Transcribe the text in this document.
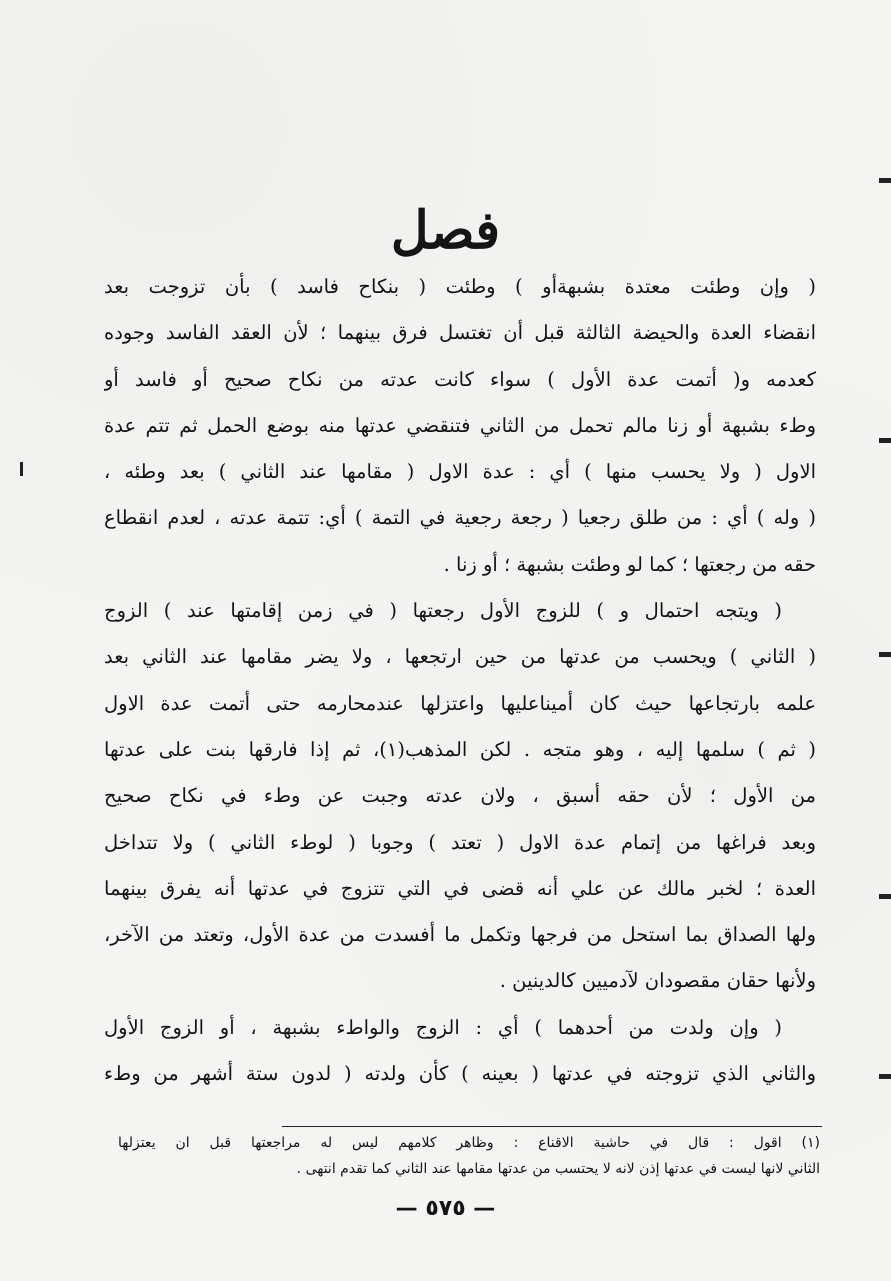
فصل
( وإن وطئت معتدة بشبهةأو ) وطئت ( بنكاح فاسد ) بأن تزوجت بعد
انقضاء العدة والحيضة الثالثة قبل أن تغتسل فرق بينهما ؛ لأن العقد الفاسد وجوده
كعدمه و( أتمت عدة الأول ) سواء كانت عدته من نكاح صحيح أو فاسد أو
وطء بشبهة أو زنا مالم تحمل من الثاني فتنقضي عدتها منه بوضع الحمل ثم تتم عدة
الاول ( ولا يحسب منها ) أي : عدة الاول ( مقامها عند الثاني ) بعد وطئه ،
( وله ) أي : من طلق رجعيا ( رجعة رجعية في التمة ) أي: تتمة عدته ، لعدم انقطاع
حقه من رجعتها ؛ كما لو وطئت بشبهة ؛ أو زنا .
( ويتجه احتمال و ) للزوج الأول رجعتها ( في زمن إقامتها عند ) الزوج
( الثاني ) ويحسب من عدتها من حين ارتجعها ، ولا يضر مقامها عند الثاني بعد
علمه بارتجاعها حيث كان أميناعليها واعتزلها عندمحارمه حتى أتمت عدة الاول
( ثم ) سلمها إليه ، وهو متجه . لكن المذهب(١)، ثم إذا فارقها بنت على عدتها
من الأول ؛ لأن حقه أسبق ، ولان عدته وجبت عن وطء في نكاح صحيح
وبعد فراغها من إتمام عدة الاول ( تعتد ) وجوبا ( لوطء الثاني ) ولا تتداخل
العدة ؛ لخبر مالك عن علي أنه قضى في التي تتزوج في عدتها أنه يفرق بينهما
ولها الصداق بما استحل من فرجها وتكمل ما أفسدت من عدة الأول، وتعتد من الآخر،
ولأنها حقان مقصودان لآدميين كالدينين .
( وإن ولدت من أحدهما ) أي : الزوج والواطء بشبهة ، أو الزوج الأول
والثاني الذي تزوجته في عدتها ( بعينه ) كأن ولدته ( لدون ستة أشهر من وطء
(١) اقول : قال في حاشية الاقناع : وظاهر كلامهم ليس له مراجعتها قبل ان يعتزلها
الثاني لانها ليست في عدتها إذن لانه لا يحتسب من عدتها مقامها عند الثاني كما تقدم انتهى .
— ٥٧٥ —
